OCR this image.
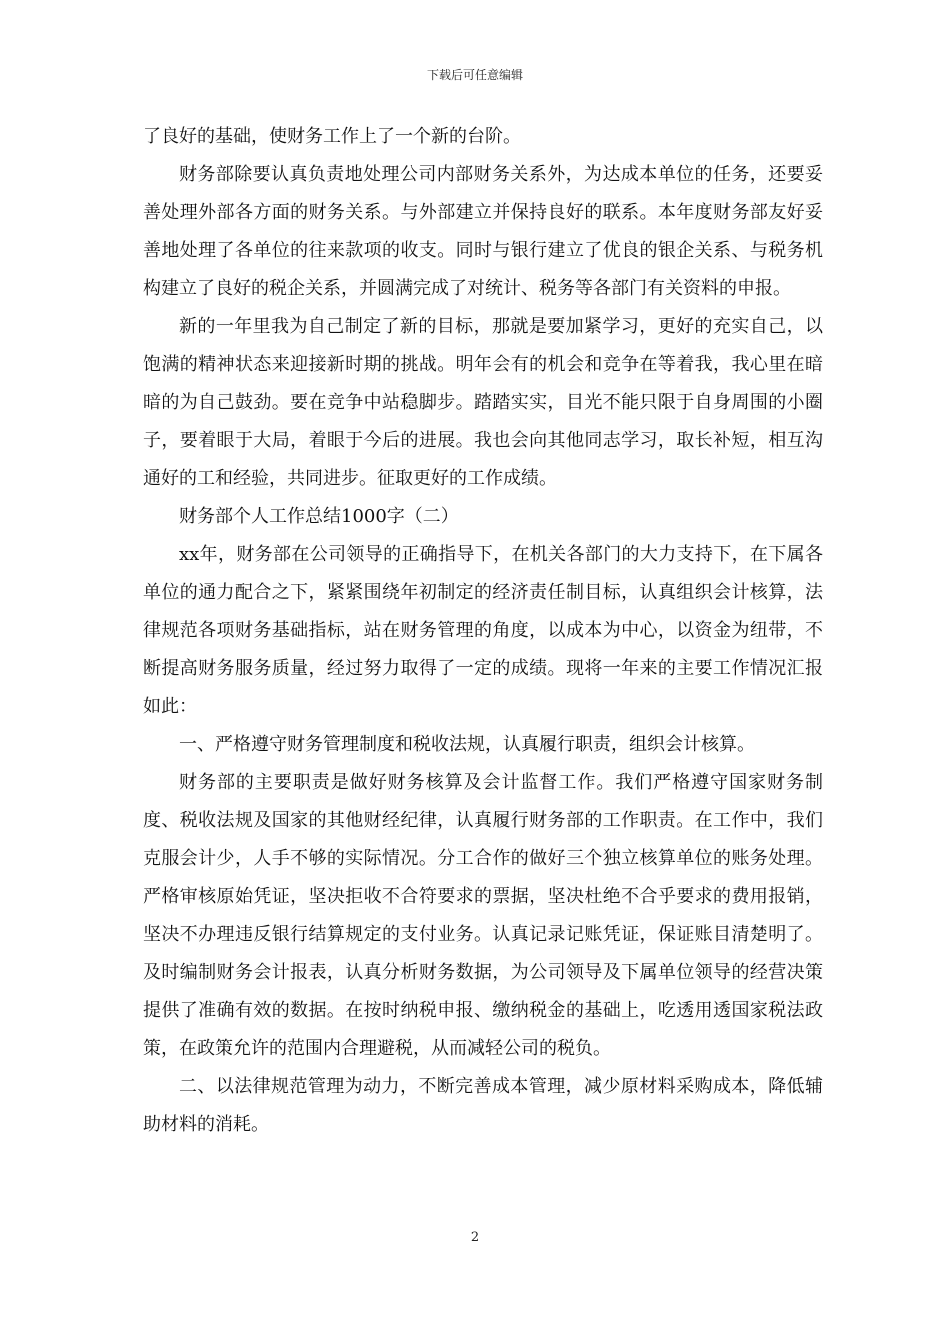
下载后可任意编辑

了良好的基础，使财务工作上了一个新的台阶。

财务部除要认真负责地处理公司内部财务关系外，为达成本单位的任务，还要妥善处理外部各方面的财务关系。与外部建立并保持良好的联系。本年度财务部友好妥善地处理了各单位的往来款项的收支。同时与银行建立了优良的银企关系、与税务机构建立了良好的税企关系，并圆满完成了对统计、税务等各部门有关资料的申报。

新的一年里我为自己制定了新的目标，那就是要加紧学习，更好的充实自己，以饱满的精神状态来迎接新时期的挑战。明年会有的机会和竞争在等着我，我心里在暗暗的为自己鼓劲。要在竞争中站稳脚步。踏踏实实，目光不能只限于自身周围的小圈子，要着眼于大局，着眼于今后的进展。我也会向其他同志学习，取长补短，相互沟通好的工和经验，共同进步。征取更好的工作成绩。

财务部个人工作总结1000字（二）

xx年，财务部在公司领导的正确指导下，在机关各部门的大力支持下，在下属各单位的通力配合之下，紧紧围绕年初制定的经济责任制目标，认真组织会计核算，法律规范各项财务基础指标，站在财务管理的角度，以成本为中心，以资金为纽带，不断提高财务服务质量，经过努力取得了一定的成绩。现将一年来的主要工作情况汇报如此：

一、严格遵守财务管理制度和税收法规，认真履行职责，组织会计核算。

财务部的主要职责是做好财务核算及会计监督工作。我们严格遵守国家财务制度、税收法规及国家的其他财经纪律，认真履行财务部的工作职责。在工作中，我们克服会计少，人手不够的实际情况。分工合作的做好三个独立核算单位的账务处理。严格审核原始凭证，坚决拒收不合符要求的票据，坚决杜绝不合乎要求的费用报销，坚决不办理违反银行结算规定的支付业务。认真记录记账凭证，保证账目清楚明了。及时编制财务会计报表，认真分析财务数据，为公司领导及下属单位领导的经营决策提供了准确有效的数据。在按时纳税申报、缴纳税金的基础上，吃透用透国家税法政策，在政策允许的范围内合理避税，从而减轻公司的税负。

二、以法律规范管理为动力，不断完善成本管理，减少原材料采购成本，降低辅助材料的消耗。

2
